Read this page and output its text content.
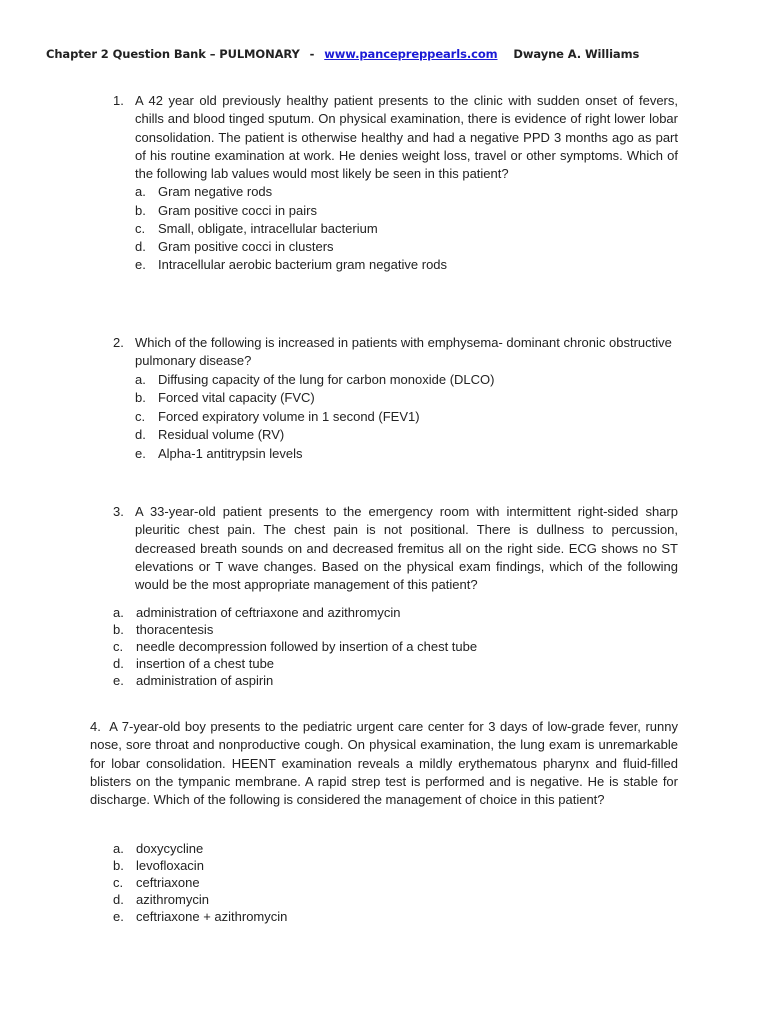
Chapter 2 Question Bank – PULMONARY - www.pancepreppearls.com Dwayne A. Williams
1. A 42 year old previously healthy patient presents to the clinic with sudden onset of fevers, chills and blood tinged sputum. On physical examination, there is evidence of right lower lobar consolidation. The patient is otherwise healthy and had a negative PPD 3 months ago as part of his routine examination at work. He denies weight loss, travel or other symptoms. Which of the following lab values would most likely be seen in this patient?
a. Gram negative rods
b. Gram positive cocci in pairs
c. Small, obligate, intracellular bacterium
d. Gram positive cocci in clusters
e. Intracellular aerobic bacterium gram negative rods
2. Which of the following is increased in patients with emphysema- dominant chronic obstructive pulmonary disease?
a. Diffusing capacity of the lung for carbon monoxide (DLCO)
b. Forced vital capacity (FVC)
c. Forced expiratory volume in 1 second (FEV1)
d. Residual volume (RV)
e. Alpha-1 antitrypsin levels
3. A 33-year-old patient presents to the emergency room with intermittent right-sided sharp pleuritic chest pain. The chest pain is not positional. There is dullness to percussion, decreased breath sounds on and decreased fremitus all on the right side. ECG shows no ST elevations or T wave changes. Based on the physical exam findings, which of the following would be the most appropriate management of this patient?
a. administration of ceftriaxone and azithromycin
b. thoracentesis
c. needle decompression followed by insertion of a chest tube
d. insertion of a chest tube
e. administration of aspirin
4. A 7-year-old boy presents to the pediatric urgent care center for 3 days of low-grade fever, runny nose, sore throat and nonproductive cough. On physical examination, the lung exam is unremarkable for lobar consolidation. HEENT examination reveals a mildly erythematous pharynx and fluid-filled blisters on the tympanic membrane. A rapid strep test is performed and is negative. He is stable for discharge. Which of the following is considered the management of choice in this patient?
a. doxycycline
b. levofloxacin
c. ceftriaxone
d. azithromycin
e. ceftriaxone + azithromycin
